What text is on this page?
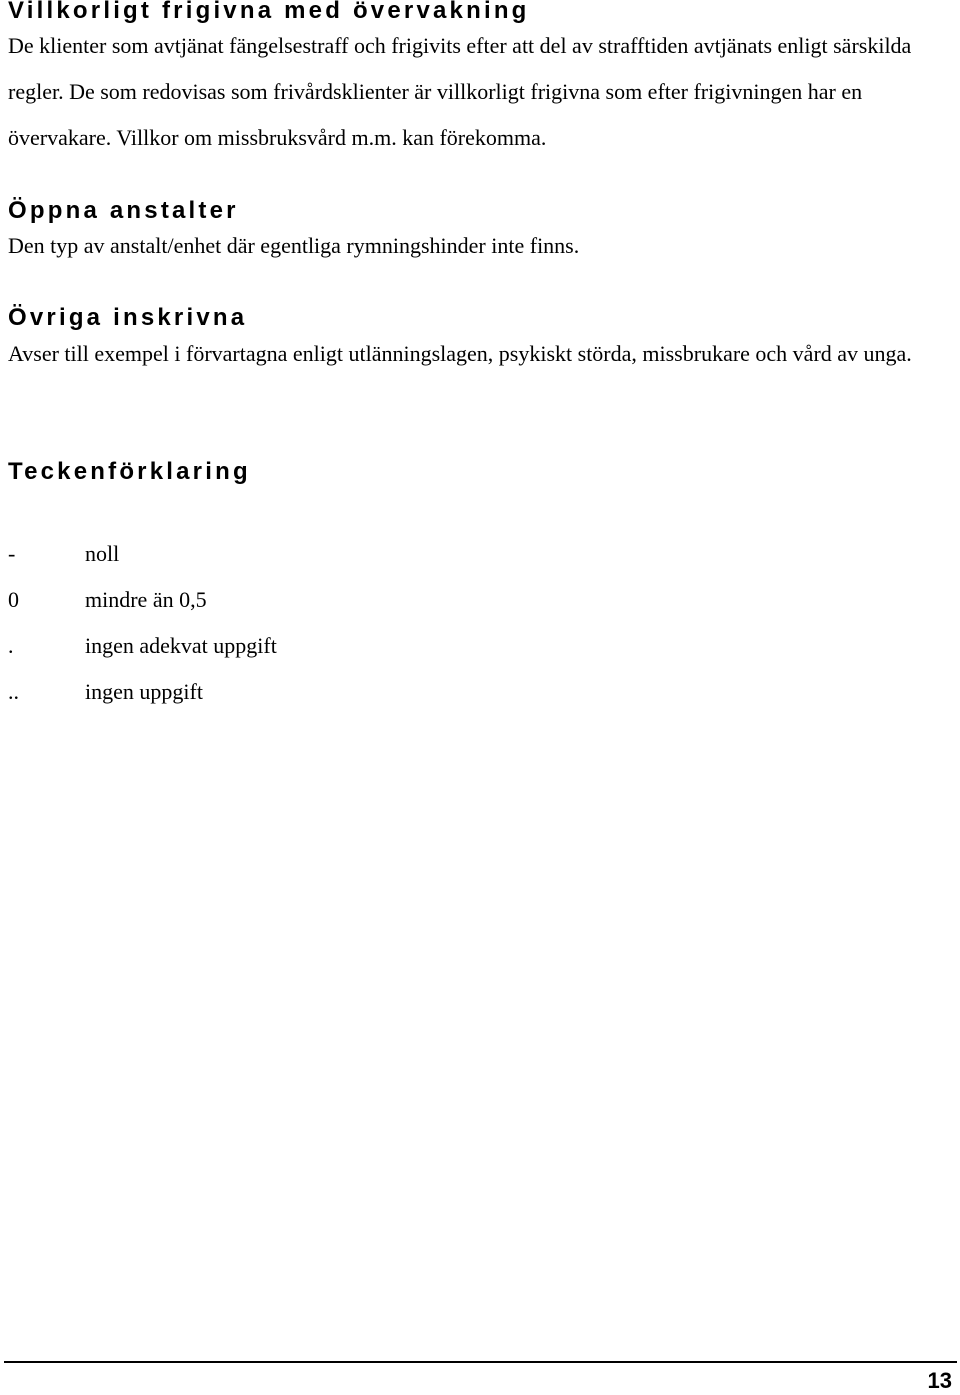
Villkorligt frigivna med övervakning

De klienter som avtjänat fängelsestraff och frigivits efter att del av strafftiden avtjänats enligt särskilda regler. De som redovisas som frivårdsklienter är villkorligt frigivna som efter frigivningen har en övervakare. Villkor om missbruksvård m.m. kan förekomma.

Öppna anstalter

Den typ av anstalt/enhet där egentliga rymningshinder inte finns.

Övriga inskrivna

Avser till exempel i förvartagna enligt utlänningslagen, psykiskt störda, missbrukare och vård av unga.

Teckenförklaring
-	noll
0	mindre än 0,5
.	ingen adekvat uppgift
..	ingen uppgift
13
